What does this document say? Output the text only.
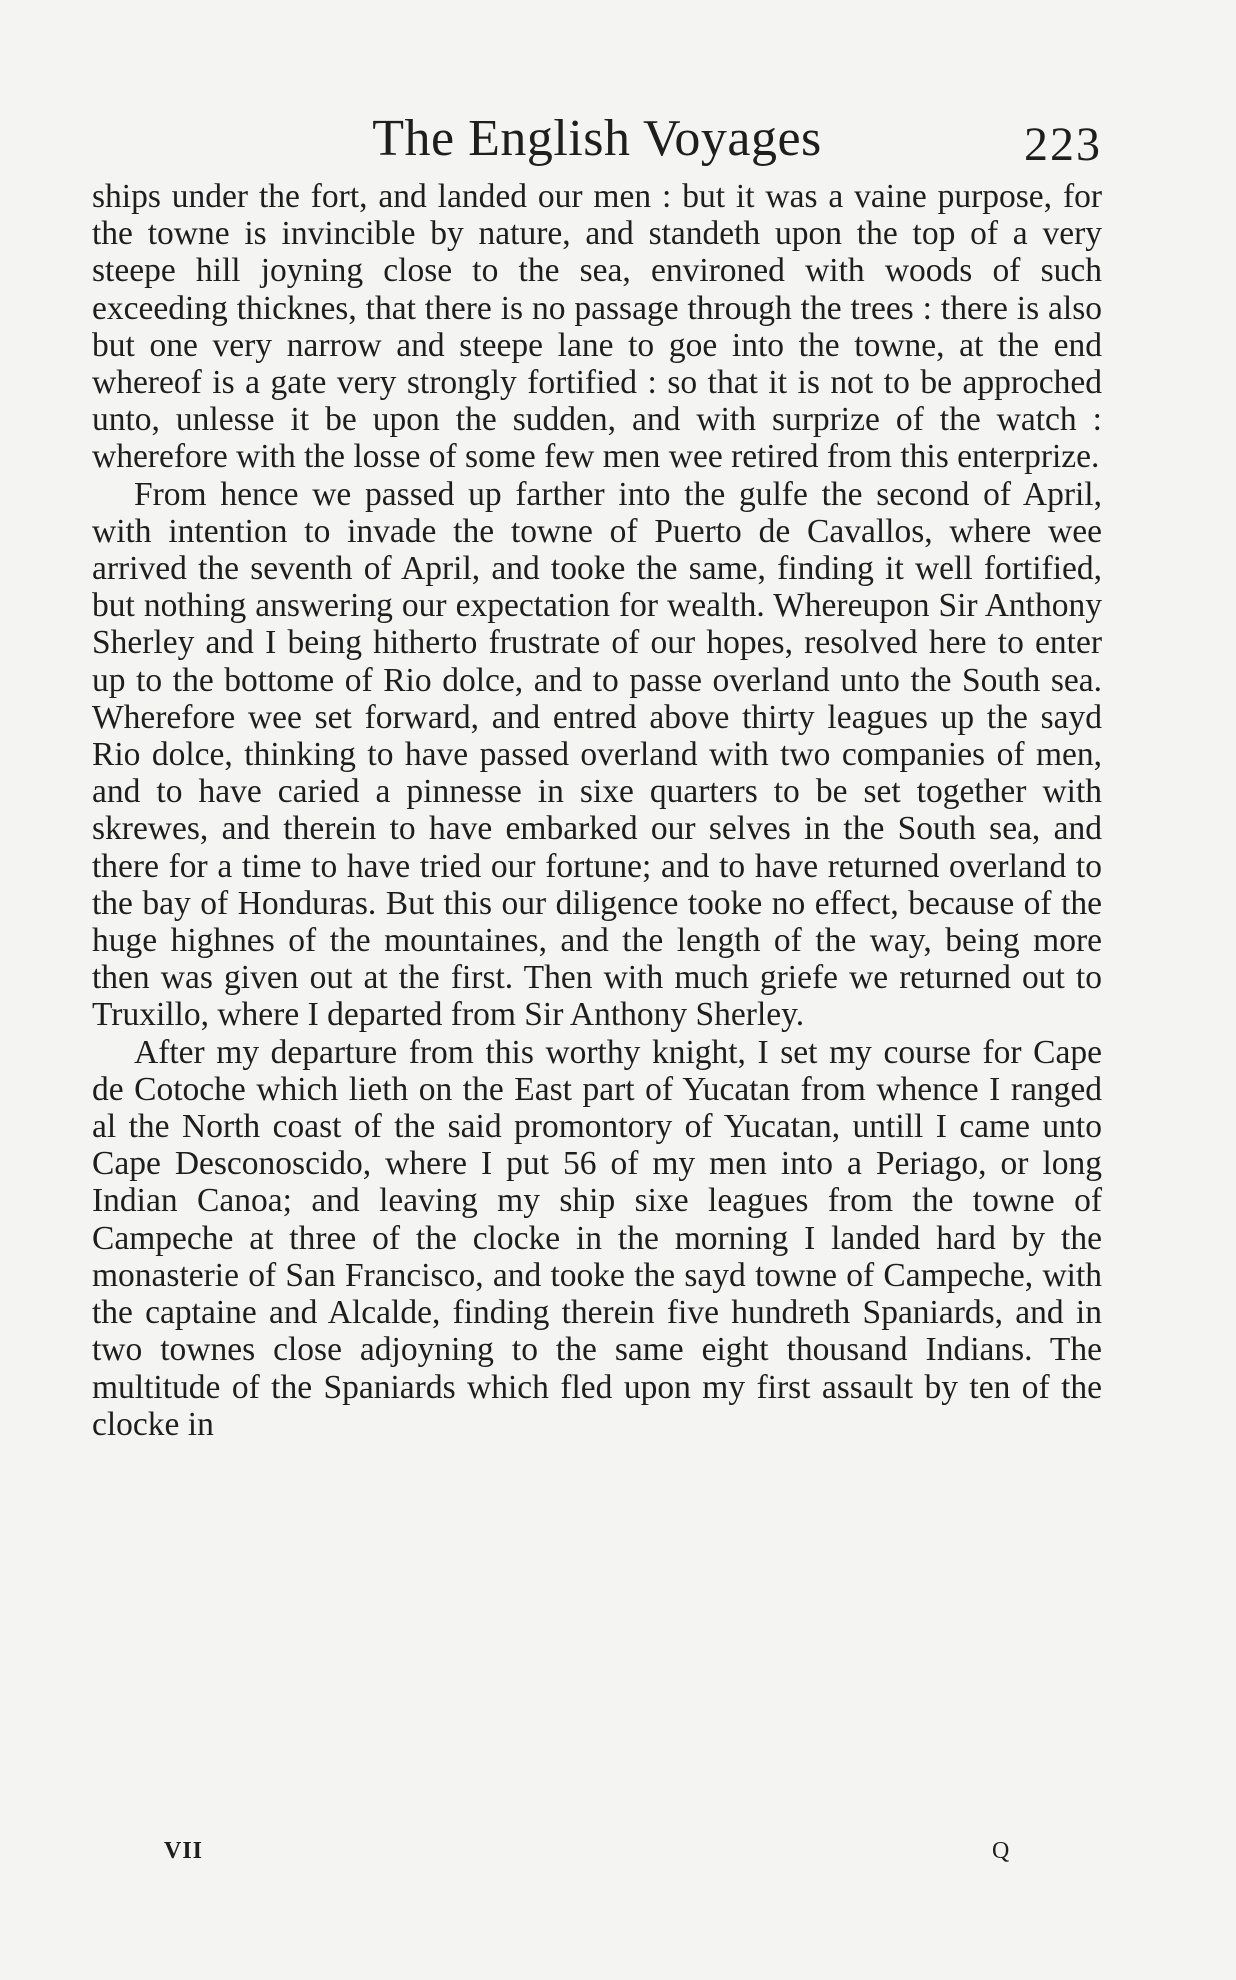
The English Voyages	223

ships under the fort, and landed our men : but it was a vaine purpose, for the towne is invincible by nature, and standeth upon the top of a very steepe hill joyning close to the sea, environed with woods of such exceeding thicknes, that there is no passage through the trees : there is also but one very narrow and steepe lane to goe into the towne, at the end whereof is a gate very strongly fortified : so that it is not to be approched unto, unlesse it be upon the sudden, and with surprize of the watch : wherefore with the losse of some few men wee retired from this enterprize.

From hence we passed up farther into the gulfe the second of April, with intention to invade the towne of Puerto de Cavallos, where wee arrived the seventh of April, and tooke the same, finding it well fortified, but nothing answering our expectation for wealth. Whereupon Sir Anthony Sherley and I being hitherto frustrate of our hopes, resolved here to enter up to the bottome of Rio dolce, and to passe overland unto the South sea. Wherefore wee set forward, and entred above thirty leagues up the sayd Rio dolce, thinking to have passed overland with two companies of men, and to have caried a pinnesse in sixe quarters to be set together with skrewes, and therein to have embarked our selves in the South sea, and there for a time to have tried our fortune; and to have returned overland to the bay of Honduras. But this our diligence tooke no effect, because of the huge highnes of the mountaines, and the length of the way, being more then was given out at the first. Then with much griefe we returned out to Truxillo, where I departed from Sir Anthony Sherley.

After my departure from this worthy knight, I set my course for Cape de Cotoche which lieth on the East part of Yucatan from whence I ranged al the North coast of the said promontory of Yucatan, untill I came unto Cape Desconoscido, where I put 56 of my men into a Periago, or long Indian Canoa; and leaving my ship sixe leagues from the towne of Campeche at three of the clocke in the morning I landed hard by the monasterie of San Francisco, and tooke the sayd towne of Campeche, with the captaine and Alcalde, finding therein five hundreth Spaniards, and in two townes close adjoyning to the same eight thousand Indians. The multitude of the Spaniards which fled upon my first assault by ten of the clocke in

VII	Q
